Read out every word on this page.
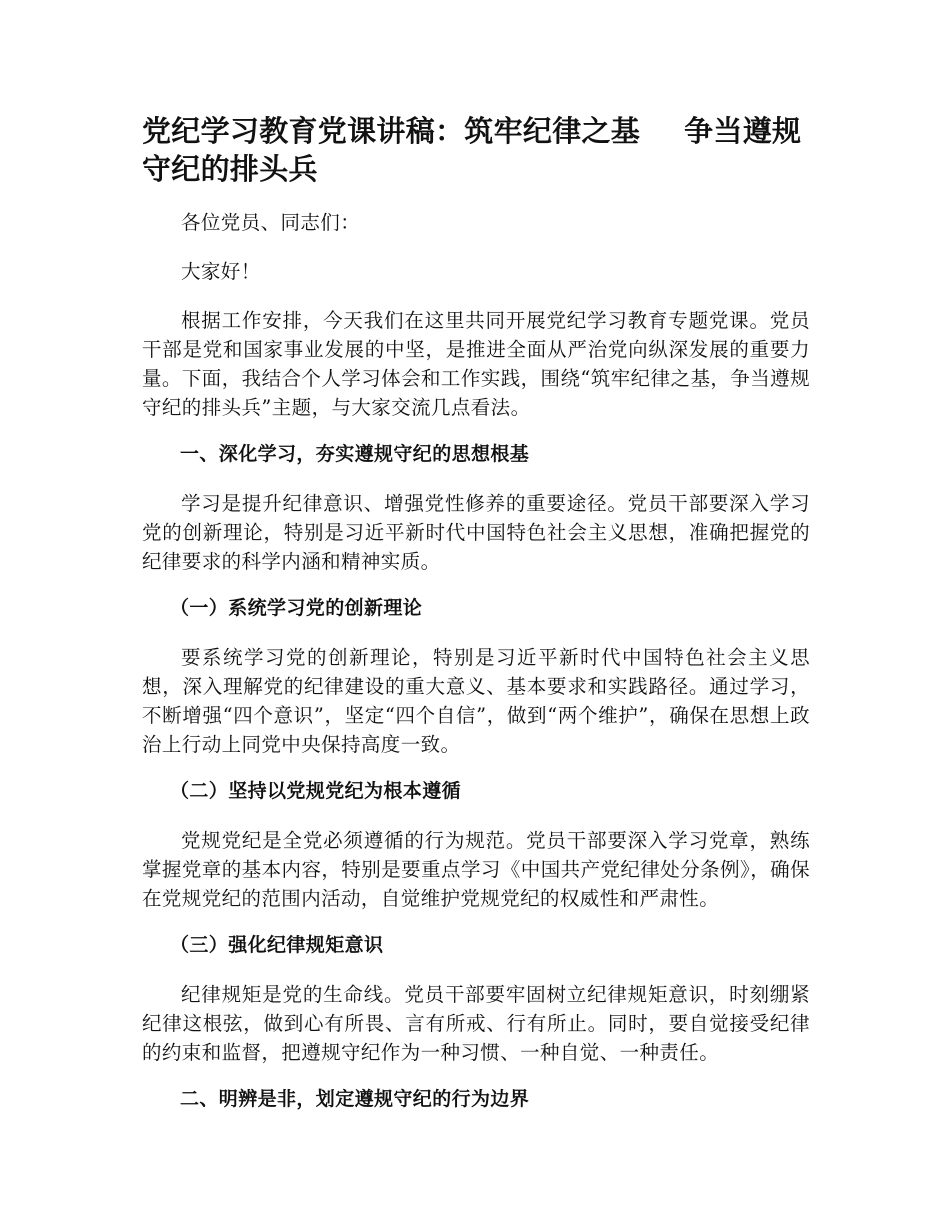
党纪学习教育党课讲稿：筑牢纪律之基 争当遵规守纪的排头兵

各位党员、同志们：

大家好！

根据工作安排，今天我们在这里共同开展党纪学习教育专题党课。党员干部是党和国家事业发展的中坚，是推进全面从严治党向纵深发展的重要力量。下面，我结合个人学习体会和工作实践，围绕“筑牢纪律之基，争当遵规守纪的排头兵”主题，与大家交流几点看法。

一、深化学习，夯实遵规守纪的思想根基

学习是提升纪律意识、增强党性修养的重要途径。党员干部要深入学习党的创新理论，特别是习近平新时代中国特色社会主义思想，准确把握党的纪律要求的科学内涵和精神实质。

（一）系统学习党的创新理论

要系统学习党的创新理论，特别是习近平新时代中国特色社会主义思想，深入理解党的纪律建设的重大意义、基本要求和实践路径。通过学习，不断增强“四个意识”，坚定“四个自信”，做到“两个维护”，确保在思想上政治上行动上同党中央保持高度一致。

（二）坚持以党规党纪为根本遵循

党规党纪是全党必须遵循的行为规范。党员干部要深入学习党章，熟练掌握党章的基本内容，特别是要重点学习《中国共产党纪律处分条例》，确保在党规党纪的范围内活动，自觉维护党规党纪的权威性和严肃性。

（三）强化纪律规矩意识

纪律规矩是党的生命线。党员干部要牢固树立纪律规矩意识，时刻绷紧纪律这根弦，做到心有所畏、言有所戒、行有所止。同时，要自觉接受纪律的约束和监督，把遵规守纪作为一种习惯、一种自觉、一种责任。

二、明辨是非，划定遵规守纪的行为边界
